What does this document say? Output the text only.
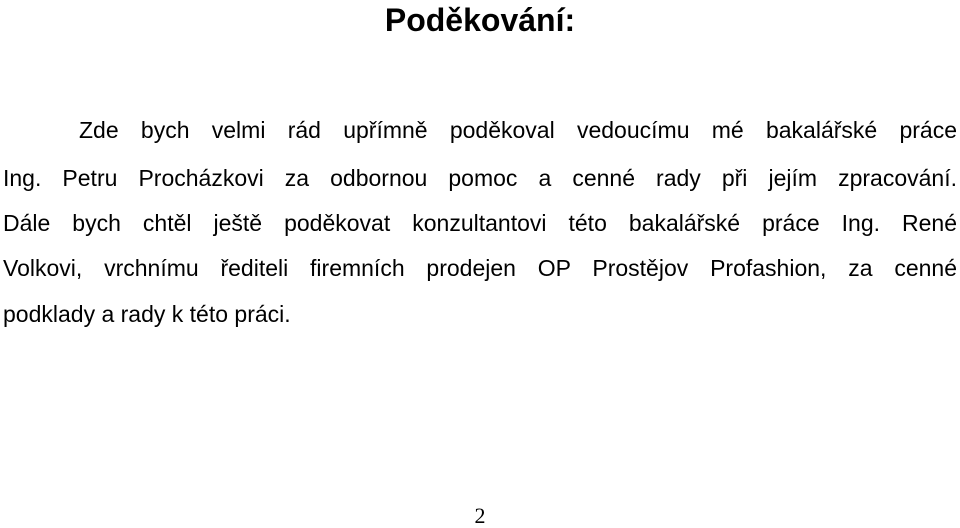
Poděkování:

Zde bych velmi rád upřímně poděkoval vedoucímu mé bakalářské práce

Ing. Petru Procházkovi za odbornou pomoc a cenné rady při jejím zpracování.

Dále bych chtěl ještě poděkovat konzultantovi této bakalářské práce Ing. René

Volkovi, vrchnímu řediteli firemních prodejen OP Prostějov Profashion, za cenné

podklady a rady k této práci.

2
